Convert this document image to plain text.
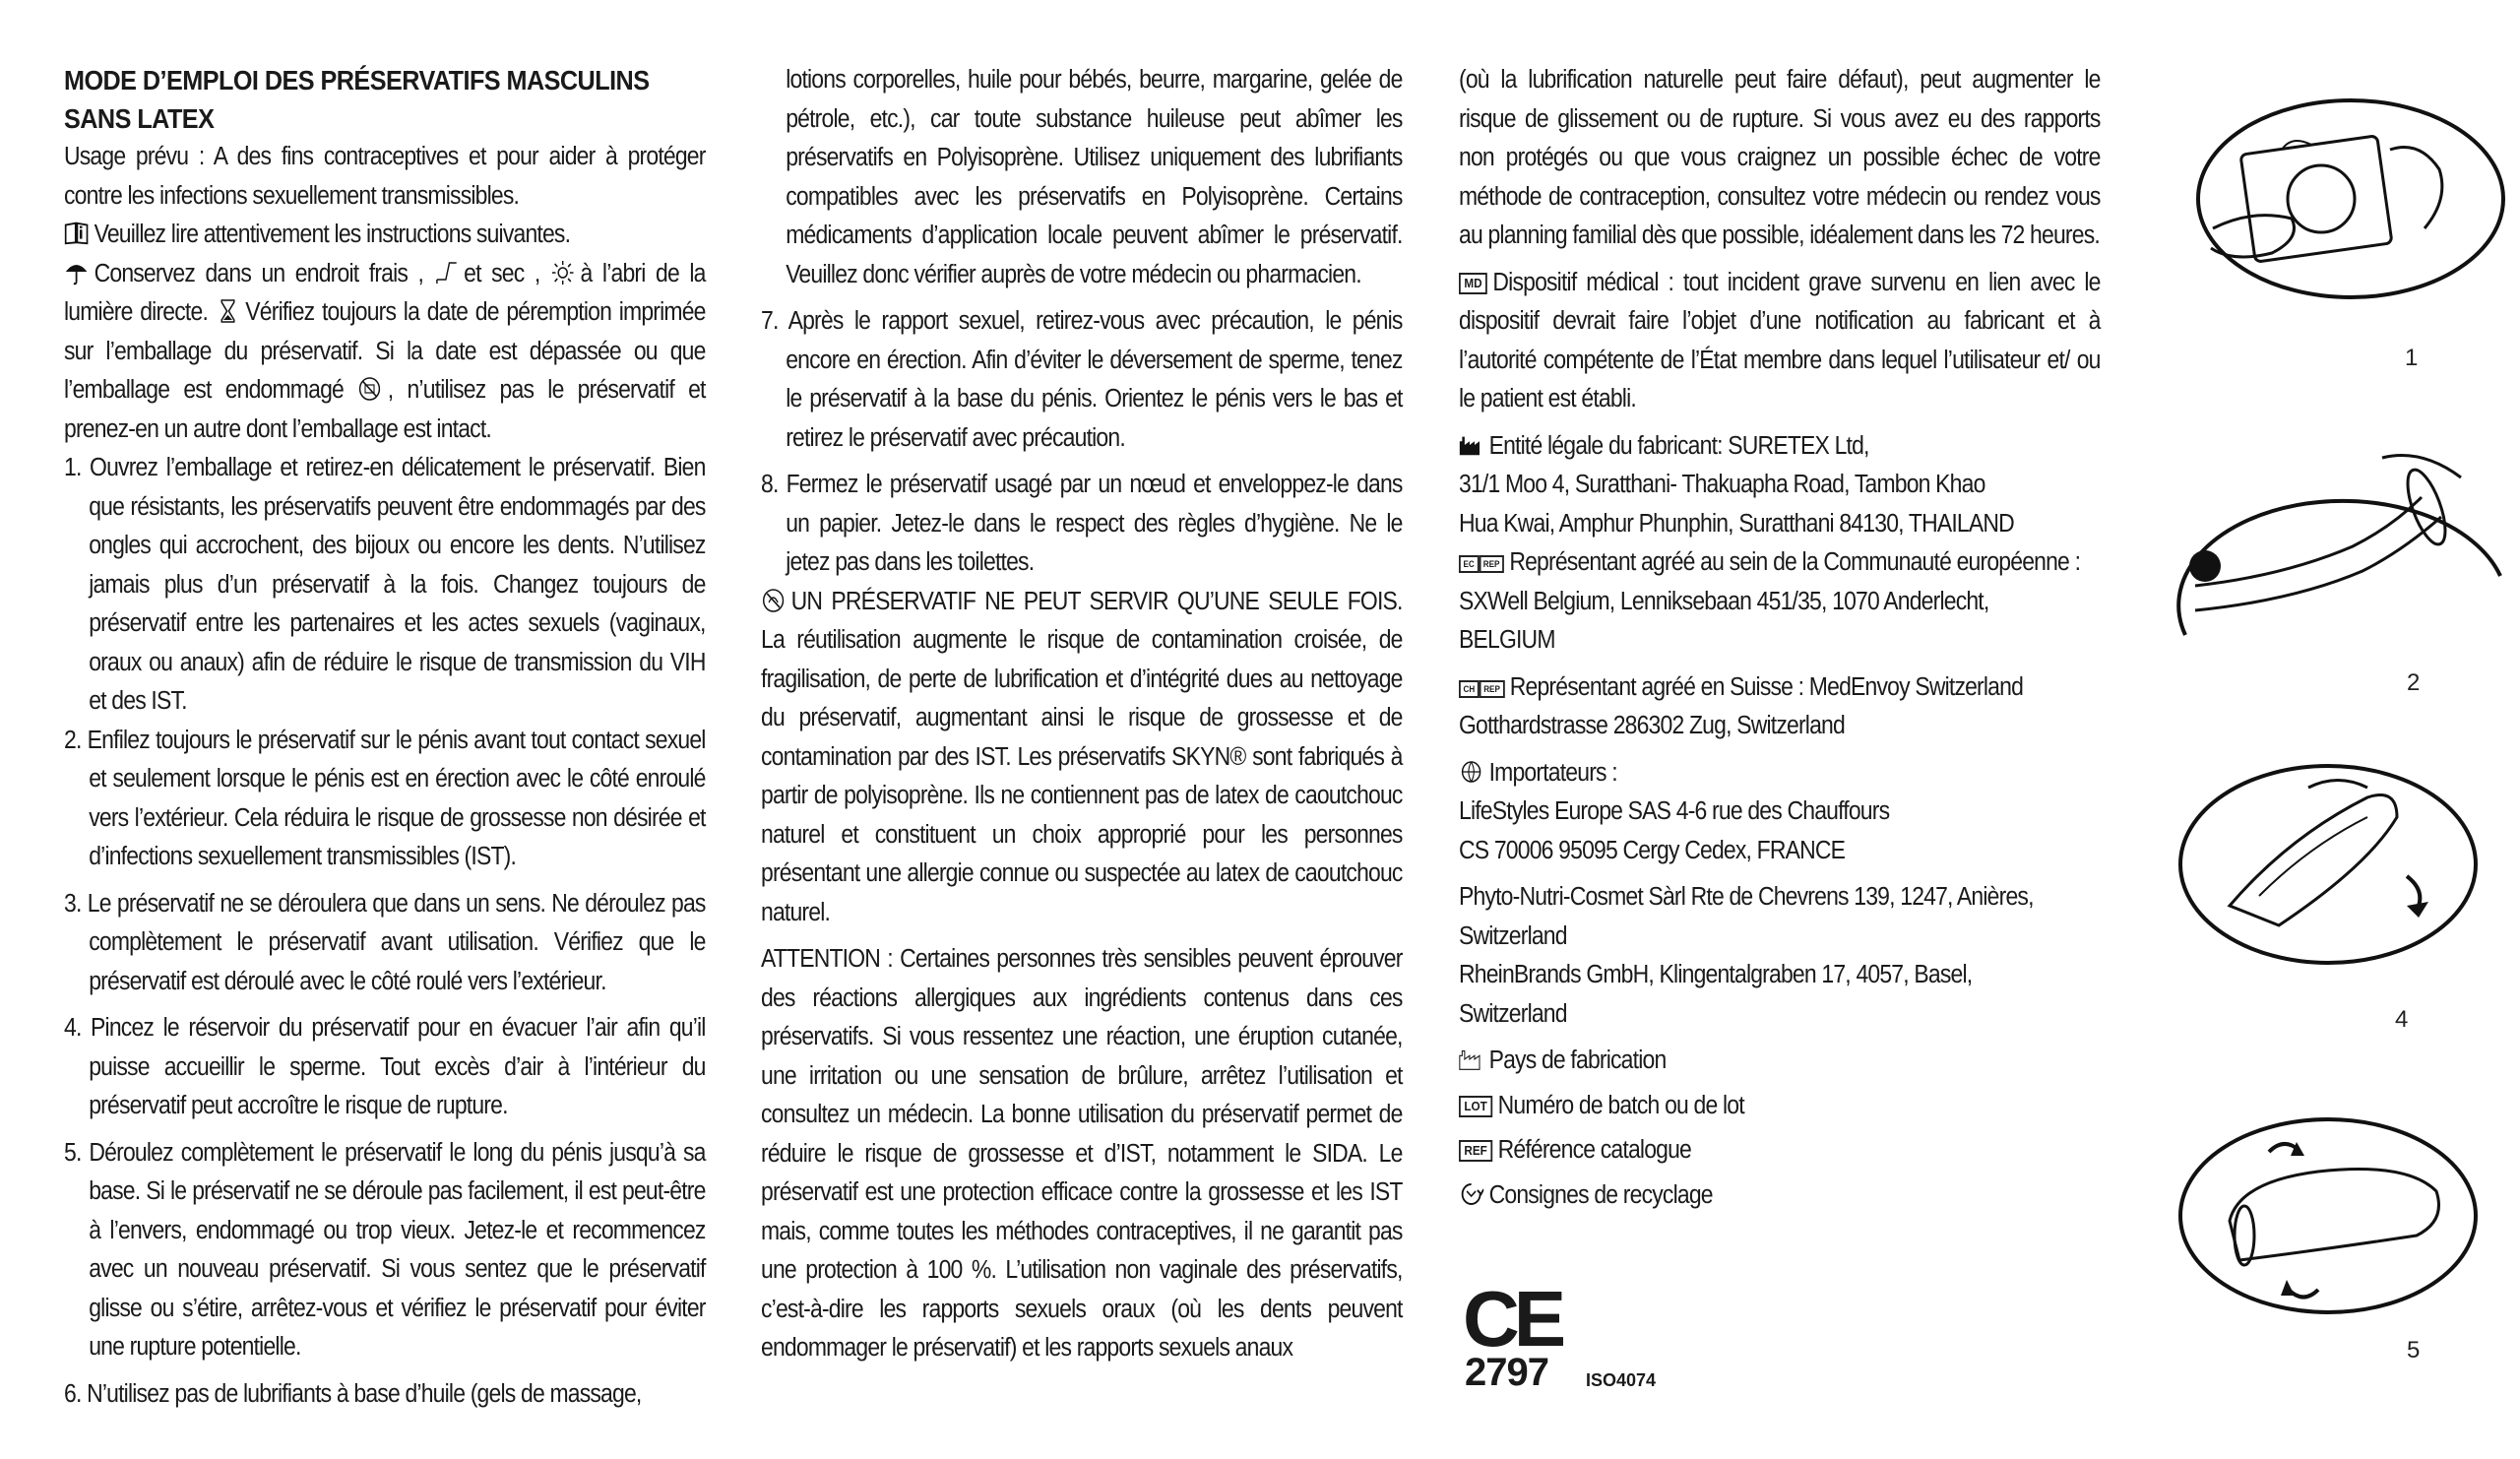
MODE D’EMPLOI DES PRÉSERVATIFS MASCULINS SANS LATEX

Usage prévu : A des fins contraceptives et pour aider à protéger contre les infections sexuellement transmissibles.

Veuillez lire attentivement les instructions suivantes.

Conservez dans un endroit frais , et sec , à l’abri de la lumière directe. Vérifiez toujours la date de péremption imprimée sur l’emballage du préservatif. Si la date est dépassée ou que l’emballage est endommagé , n’utilisez pas le préservatif et prenez-en un autre dont l’emballage est intact.

1. Ouvrez l’emballage et retirez-en délicatement le préservatif. Bien que résistants, les préservatifs peuvent être endommagés par des ongles qui accrochent, des bijoux ou encore les dents. N’utilisez jamais plus d’un préservatif à la fois. Changez toujours de préservatif entre les partenaires et les actes sexuels (vaginaux, oraux ou anaux) afin de réduire le risque de transmission du VIH et des IST.

2. Enfilez toujours le préservatif sur le pénis avant tout contact sexuel et seulement lorsque le pénis est en érection avec le côté enroulé vers l’extérieur. Cela réduira le risque de grossesse non désirée et d’infections sexuellement transmissibles (IST).

3. Le préservatif ne se déroulera que dans un sens. Ne déroulez pas complètement le préservatif avant utilisation. Vérifiez que le préservatif est déroulé avec le côté roulé vers l’extérieur.

4. Pincez le réservoir du préservatif pour en évacuer l’air afin qu’il puisse accueillir le sperme. Tout excès d’air à l’intérieur du préservatif peut accroître le risque de rupture.

5. Déroulez complètement le préservatif le long du pénis jusqu’à sa base. Si le préservatif ne se déroule pas facilement, il est peut-être à l’envers, endommagé ou trop vieux. Jetez-le et recommencez avec un nouveau préservatif. Si vous sentez que le préservatif glisse ou s’étire, arrêtez-vous et vérifiez le préservatif pour éviter une rupture potentielle.

6. N’utilisez pas de lubrifiants à base d’huile (gels de massage,

lotions corporelles, huile pour bébés, beurre, margarine, gelée de pétrole, etc.), car toute substance huileuse peut abîmer les préservatifs en Polyisoprène. Utilisez uniquement des lubrifiants compatibles avec les préservatifs en Polyisoprène. Certains médicaments d’application locale peuvent abîmer le préservatif. Veuillez donc vérifier auprès de votre médecin ou pharmacien.

7. Après le rapport sexuel, retirez-vous avec précaution, le pénis encore en érection. Afin d’éviter le déversement de sperme, tenez le préservatif à la base du pénis. Orientez le pénis vers le bas et retirez le préservatif avec précaution.

8. Fermez le préservatif usagé par un nœud et enveloppez-le dans un papier. Jetez-le dans le respect des règles d’hygiène. Ne le jetez pas dans les toilettes.

UN PRÉSERVATIF NE PEUT SERVIR QU’UNE SEULE FOIS. La réutilisation augmente le risque de contamination croisée, de fragilisation, de perte de lubrification et d’intégrité dues au nettoyage du préservatif, augmentant ainsi le risque de grossesse et de contamination par des IST. Les préservatifs SKYN® sont fabriqués à partir de polyisoprène. Ils ne contiennent pas de latex de caoutchouc naturel et constituent un choix approprié pour les personnes présentant une allergie connue ou suspectée au latex de caoutchouc naturel.

ATTENTION : Certaines personnes très sensibles peuvent éprouver des réactions allergiques aux ingrédients contenus dans ces préservatifs. Si vous ressentez une réaction, une éruption cutanée, une irritation ou une sensation de brûlure, arrêtez l’utilisation et consultez un médecin. La bonne utilisation du préservatif permet de réduire le risque de grossesse et d’IST, notamment le SIDA. Le préservatif est une protection efficace contre la grossesse et les IST mais, comme toutes les méthodes contraceptives, il ne garantit pas une protection à 100 %. L’utilisation non vaginale des préservatifs, c’est-à-dire les rapports sexuels oraux (où les dents peuvent endommager le préservatif) et les rapports sexuels anaux

(où la lubrification naturelle peut faire défaut), peut augmenter le risque de glissement ou de rupture. Si vous avez eu des rapports non protégés ou que vous craignez un possible échec de votre méthode de contraception, consultez votre médecin ou rendez vous au planning familial dès que possible, idéalement dans les 72 heures.

MD Dispositif médical : tout incident grave survenu en lien avec le dispositif devrait faire l’objet d’une notification au fabricant et à l’autorité compétente de l’État membre dans lequel l’utilisateur et/ ou le patient est établi.

Entité légale du fabricant: SURETEX Ltd,
31/1 Moo 4, Suratthani- Thakuapha Road, Tambon Khao
Hua Kwai, Amphur Phunphin, Suratthani 84130, THAILAND

EC	REP Représentant agréé au sein de la Communauté européenne :
SXWell Belgium, Lenniksebaan 451/35, 1070 Anderlecht,
BELGIUM

CH	REP Représentant agréé en Suisse : MedEnvoy Switzerland
Gotthardstrasse 286302 Zug, Switzerland

Importateurs :
LifeStyles Europe SAS 4-6 rue des Chauffours
CS 70006 95095 Cergy Cedex, FRANCE

Phyto-Nutri-Cosmet Sàrl Rte de Chevrens 139, 1247, Anières,
Switzerland
RheinBrands GmbH, Klingentalgraben 17, 4057, Basel,
Switzerland

Pays de fabrication

LOT Numéro de batch ou de lot

REF Référence catalogue

Consignes de recyclage

CE
2797 ISO4074
1
2
4
5
